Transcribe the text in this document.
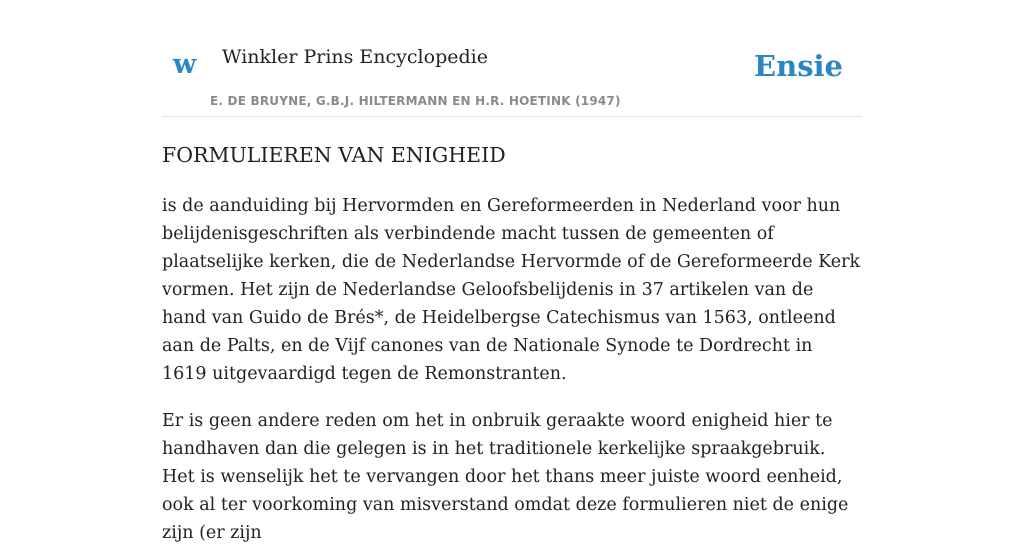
w Winkler Prins Encyclopedie
E. DE BRUYNE, G.B.J. HILTERMANN EN H.R. HOETINK (1947)
Ensie
FORMULIEREN VAN ENIGHEID

is de aanduiding bij Hervormden en Gereformeerden in Nederland voor hun belijdenisgeschriften als verbindende macht tussen de gemeenten of plaatselijke kerken, die de Nederlandse Hervormde of de Gereformeerde Kerk vormen. Het zijn de Nederlandse Geloofsbelijdenis in 37 artikelen van de hand van Guido de Brés*, de Heidelbergse Catechismus van 1563, ontleend aan de Palts, en de Vijf canones van de Nationale Synode te Dordrecht in 1619 uitgevaardigd tegen de Remonstranten.

Er is geen andere reden om het in onbruik geraakte woord enigheid hier te handhaven dan die gelegen is in het traditionele kerkelijke spraakgebruik. Het is wenselijk het te vervangen door het thans meer juiste woord eenheid, ook al ter voorkoming van misverstand omdat deze formulieren niet de enige zijn (er zijn
